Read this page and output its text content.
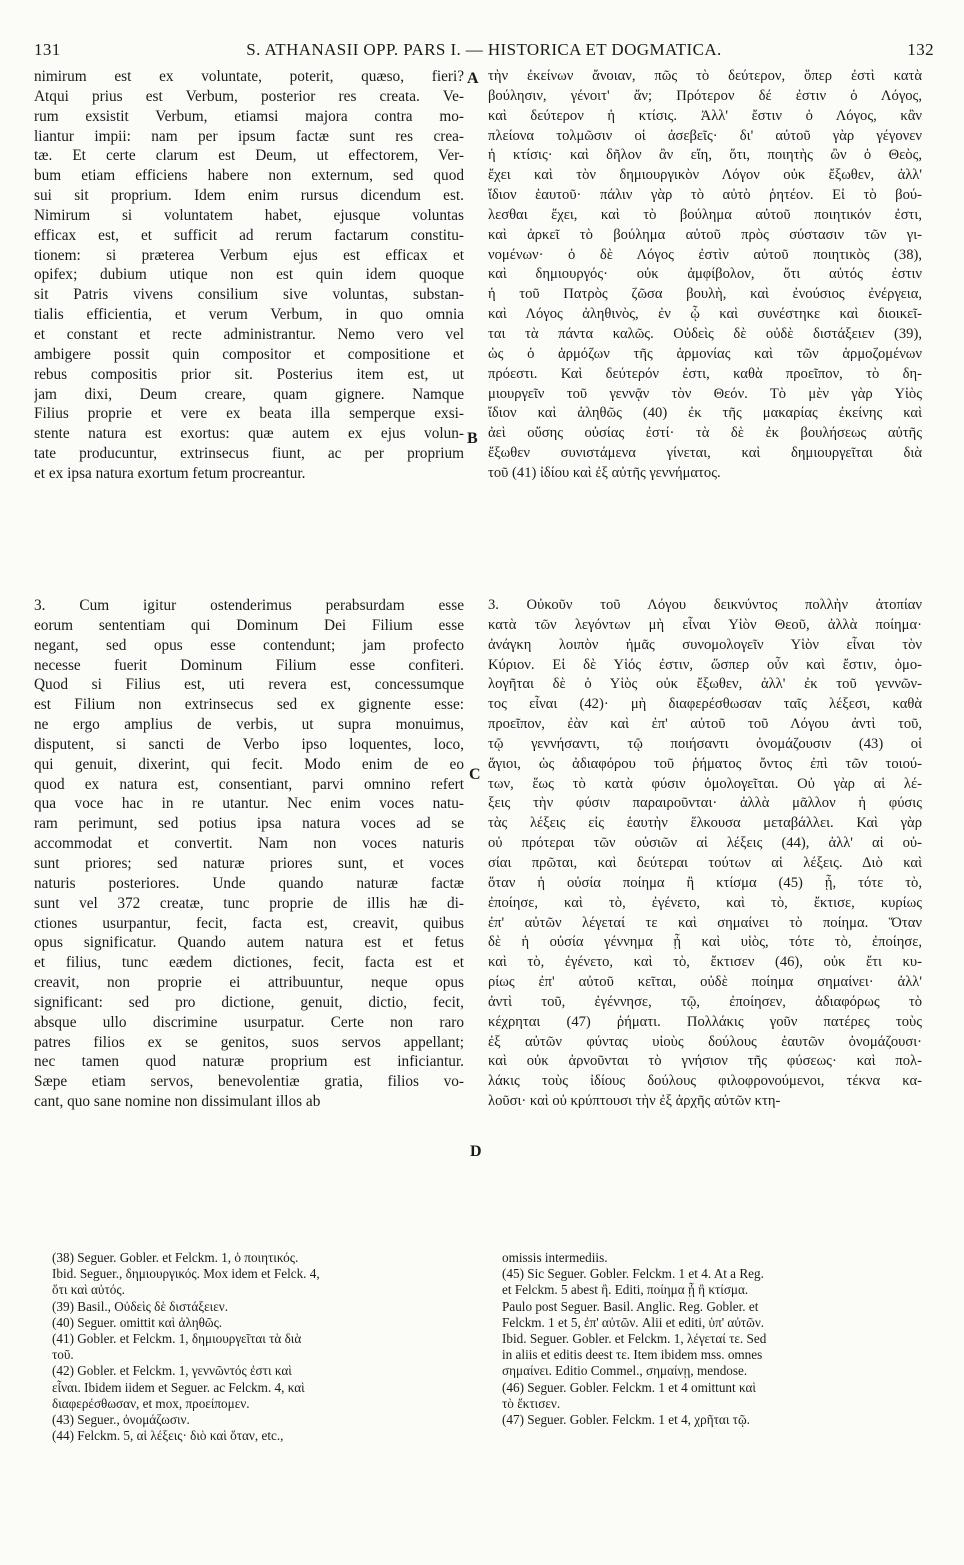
131	S. ATHANASII OPP. PARS I. — HISTORICA ET DOGMATICA.	132
A
B
C
D
nimirum est ex voluntate, poterit, quæso, fieri?
Atqui prius est Verbum, posterior res creata. Ve-
rum exsistit Verbum, etiamsi majora contra mo-
liantur impii: nam per ipsum factæ sunt res crea-
tæ. Et certe clarum est Deum, ut effectorem, Ver-
bum etiam efficiens habere non externum, sed quod
sui sit proprium. Idem enim rursus dicendum est.
Nimirum si voluntatem habet, ejusque voluntas
efficax est, et sufficit ad rerum factarum constitu-
tionem: si præterea Verbum ejus est efficax et
opifex; dubium utique non est quin idem quoque
sit Patris vivens consilium sive voluntas, substan-
tialis efficientia, et verum Verbum, in quo omnia
et constant et recte administrantur. Nemo vero vel
ambigere possit quin compositor et compositione et
rebus compositis prior sit. Posterius item est, ut
jam dixi, Deum creare, quam gignere. Namque
Filius proprie et vere ex beata illa semperque exsi-
stente natura est exortus: quæ autem ex ejus volun-
tate producuntur, extrinsecus fiunt, ac per proprium
et ex ipsa natura exortum fetum procreantur.
τὴν ἐκείνων ἄνοιαν, πῶς τὸ δεύτερον, ὅπερ ἐστὶ κατὰ
βούλησιν, γένοιτ' ἄν; Πρότερον δέ ἐστιν ὁ Λόγος,
καὶ δεύτερον ἡ κτίσις. Ἀλλ' ἔστιν ὁ Λόγος, κἂν
πλείονα τολμῶσιν οἱ ἀσεβεῖς· δι' αὐτοῦ γὰρ γέγονεν
ἡ κτίσις· καὶ δῆλον ἂν εἴη, ὅτι, ποιητὴς ὢν ὁ Θεὸς,
ἔχει καὶ τὸν δημιουργικὸν Λόγον οὐκ ἔξωθεν, ἀλλ'
ἴδιον ἑαυτοῦ· πάλιν γὰρ τὸ αὐτὸ ῥητέον. Εἰ τὸ βού-
λεσθαι ἔχει, καὶ τὸ βούλημα αὐτοῦ ποιητικόν ἐστι,
καὶ ἀρκεῖ τὸ βούλημα αὐτοῦ πρὸς σύστασιν τῶν γι-
νομένων· ὁ δὲ Λόγος ἐστὶν αὐτοῦ ποιητικὸς (38),
καὶ δημιουργός· οὐκ ἀμφίβολον, ὅτι αὐτός ἐστιν
ἡ τοῦ Πατρὸς ζῶσα βουλὴ, καὶ ἐνούσιος ἐνέργεια,
καὶ Λόγος ἀληθινὸς, ἐν ᾧ καὶ συνέστηκε καὶ διοικεῖ-
ται τὰ πάντα καλῶς. Οὐδεὶς δὲ οὐδὲ διστάξειεν (39),
ὡς ὁ ἁρμόζων τῆς ἁρμονίας καὶ τῶν ἁρμοζομένων
πρόεστι. Καὶ δεύτερόν ἐστι, καθὰ προεῖπον, τὸ δη-
μιουργεῖν τοῦ γεννᾷν τὸν Θεόν. Τὸ μὲν γὰρ Υἱὸς
ἴδιον καὶ ἀληθῶς (40) ἐκ τῆς μακαρίας ἐκείνης καὶ
ἀεὶ οὔσης οὐσίας ἐστί· τὰ δὲ ἐκ βουλήσεως αὐτῆς
ἔξωθεν συνιστάμενα γίνεται, καὶ δημιουργεῖται διὰ
τοῦ (41) ἰδίου καὶ ἐξ αὐτῆς γεννήματος.
3. Cum igitur ostenderimus perabsurdam esse
eorum sententiam qui Dominum Dei Filium esse
negant, sed opus esse contendunt; jam profecto
necesse fuerit Dominum Filium esse confiteri.
Quod si Filius est, uti revera est, concessumque
est Filium non extrinsecus sed ex gignente esse:
ne ergo amplius de verbis, ut supra monuimus,
disputent, si sancti de Verbo ipso loquentes, loco,
qui genuit, dixerint, qui fecit. Modo enim de eo
quod ex natura est, consentiant, parvi omnino refert
qua voce hac in re utantur. Nec enim voces natu-
ram perimunt, sed potius ipsa natura voces ad se
accommodat et convertit. Nam non voces naturis
sunt priores; sed naturæ priores sunt, et voces
naturis posteriores. Unde quando naturæ factæ
sunt vel 372 creatæ, tunc proprie de illis hæ di-
ctiones usurpantur, fecit, facta est, creavit, quibus
opus significatur. Quando autem natura est et fetus
et filius, tunc eædem dictiones, fecit, facta est et
creavit, non proprie ei attribuuntur, neque opus
significant: sed pro dictione, genuit, dictio, fecit,
absque ullo discrimine usurpatur. Certe non raro
patres filios ex se genitos, suos servos appellant;
nec tamen quod naturæ proprium est inficiantur.
Sæpe etiam servos, benevolentiæ gratia, filios vo-
cant, quo sane nomine non dissimulant illos ab
3. Οὐκοῦν τοῦ Λόγου δεικνύντος πολλὴν ἀτοπίαν
κατὰ τῶν λεγόντων μὴ εἶναι Υἱὸν Θεοῦ, ἀλλὰ ποίημα·
ἀνάγκη λοιπὸν ἡμᾶς συνομολογεῖν Υἱὸν εἶναι τὸν
Κύριον. Εἰ δὲ Υἱός ἐστιν, ὥσπερ οὖν καὶ ἔστιν, ὁμο-
λογῆται δὲ ὁ Υἱὸς οὐκ ἔξωθεν, ἀλλ' ἐκ τοῦ γεννῶν-
τος εἶναι (42)· μὴ διαφερέσθωσαν ταῖς λέξεσι, καθὰ
προεῖπον, ἐὰν καὶ ἐπ' αὐτοῦ τοῦ Λόγου ἀντὶ τοῦ,
τῷ γεννήσαντι, τῷ ποιήσαντι ὀνομάζουσιν (43) οἱ
ἅγιοι, ὡς ἀδιαφόρου τοῦ ῥήματος ὄντος ἐπὶ τῶν τοιού-
των, ἕως τὸ κατὰ φύσιν ὁμολογεῖται. Οὐ γὰρ αἱ λέ-
ξεις τὴν φύσιν παραιροῦνται· ἀλλὰ μᾶλλον ἡ φύσις
τὰς λέξεις εἰς ἑαυτὴν ἕλκουσα μεταβάλλει. Καὶ γὰρ
οὐ πρότεραι τῶν οὐσιῶν αἱ λέξεις (44), ἀλλ' αἱ οὐ-
σίαι πρῶται, καὶ δεύτεραι τούτων αἱ λέξεις. Διὸ καὶ
ὅταν ἡ οὐσία ποίημα ἢ κτίσμα (45) ᾖ, τότε τὸ,
ἐποίησε, καὶ τὸ, ἐγένετο, καὶ τὸ, ἔκτισε, κυρίως
ἐπ' αὐτῶν λέγεταί τε καὶ σημαίνει τὸ ποίημα. Ὅταν
δὲ ἡ οὐσία γέννημα ᾖ καὶ υἱὸς, τότε τὸ, ἐποίησε,
καὶ τὸ, ἐγένετο, καὶ τὸ, ἔκτισεν (46), οὐκ ἔτι κυ-
ρίως ἐπ' αὐτοῦ κεῖται, οὐδὲ ποίημα σημαίνει· ἀλλ'
ἀντὶ τοῦ, ἐγέννησε, τῷ, ἐποίησεν, ἀδιαφόρως τὸ
κέχρηται (47) ῥήματι. Πολλάκις γοῦν πατέρες τοὺς
ἐξ αὐτῶν φύντας υἱοὺς δούλους ἑαυτῶν ὀνομάζουσι·
καὶ οὐκ ἀρνοῦνται τὸ γνήσιον τῆς φύσεως· καὶ πολ-
λάκις τοὺς ἰδίους δούλους φιλοφρονούμενοι, τέκνα κα-
λοῦσι· καὶ οὐ κρύπτουσι τὴν ἐξ ἀρχῆς αὐτῶν κτη-
(38) Seguer. Gobler. et Felckm. 1, ὁ ποιητικός.
Ibid. Seguer., δημιουργικός. Mox idem et Felck. 4,
ὅτι καὶ αὐτός.
(39) Basil., Οὐδεὶς δὲ διστάξειεν.
(40) Seguer. omittit καὶ ἀληθῶς.
(41) Gobler. et Felckm. 1, δημιουργεῖται τὰ διὰ
τοῦ.
(42) Gobler. et Felckm. 1, γεννῶντός ἐστι καὶ
εἶναι. Ibidem iidem et Seguer. ac Felckm. 4, καὶ
διαφερέσθωσαν, et mox, προείπομεν.
(43) Seguer., ὀνομάζωσιν.
(44) Felckm. 5, αἱ λέξεις· διὸ καὶ ὅταν, etc.,
omissis intermediis.
(45) Sic Seguer. Gobler. Felckm. 1 et 4. At a Reg.
et Felckm. 5 abest ἢ. Editi, ποίημα ᾖ ἢ κτίσμα.
Paulo post Seguer. Basil. Anglic. Reg. Gobler. et
Felckm. 1 et 5, ἐπ' αὐτῶν. Alii et editi, ὑπ' αὐτῶν.
Ibid. Seguer. Gobler. et Felckm. 1, λέγεταί τε. Sed
in aliis et editis deest τε. Item ibidem mss. omnes
σημαίνει. Editio Commel., σημαίνῃ, mendose.
(46) Seguer. Gobler. Felckm. 1 et 4 omittunt καὶ
τὸ ἔκτισεν.
(47) Seguer. Gobler. Felckm. 1 et 4, χρῆται τῷ.
